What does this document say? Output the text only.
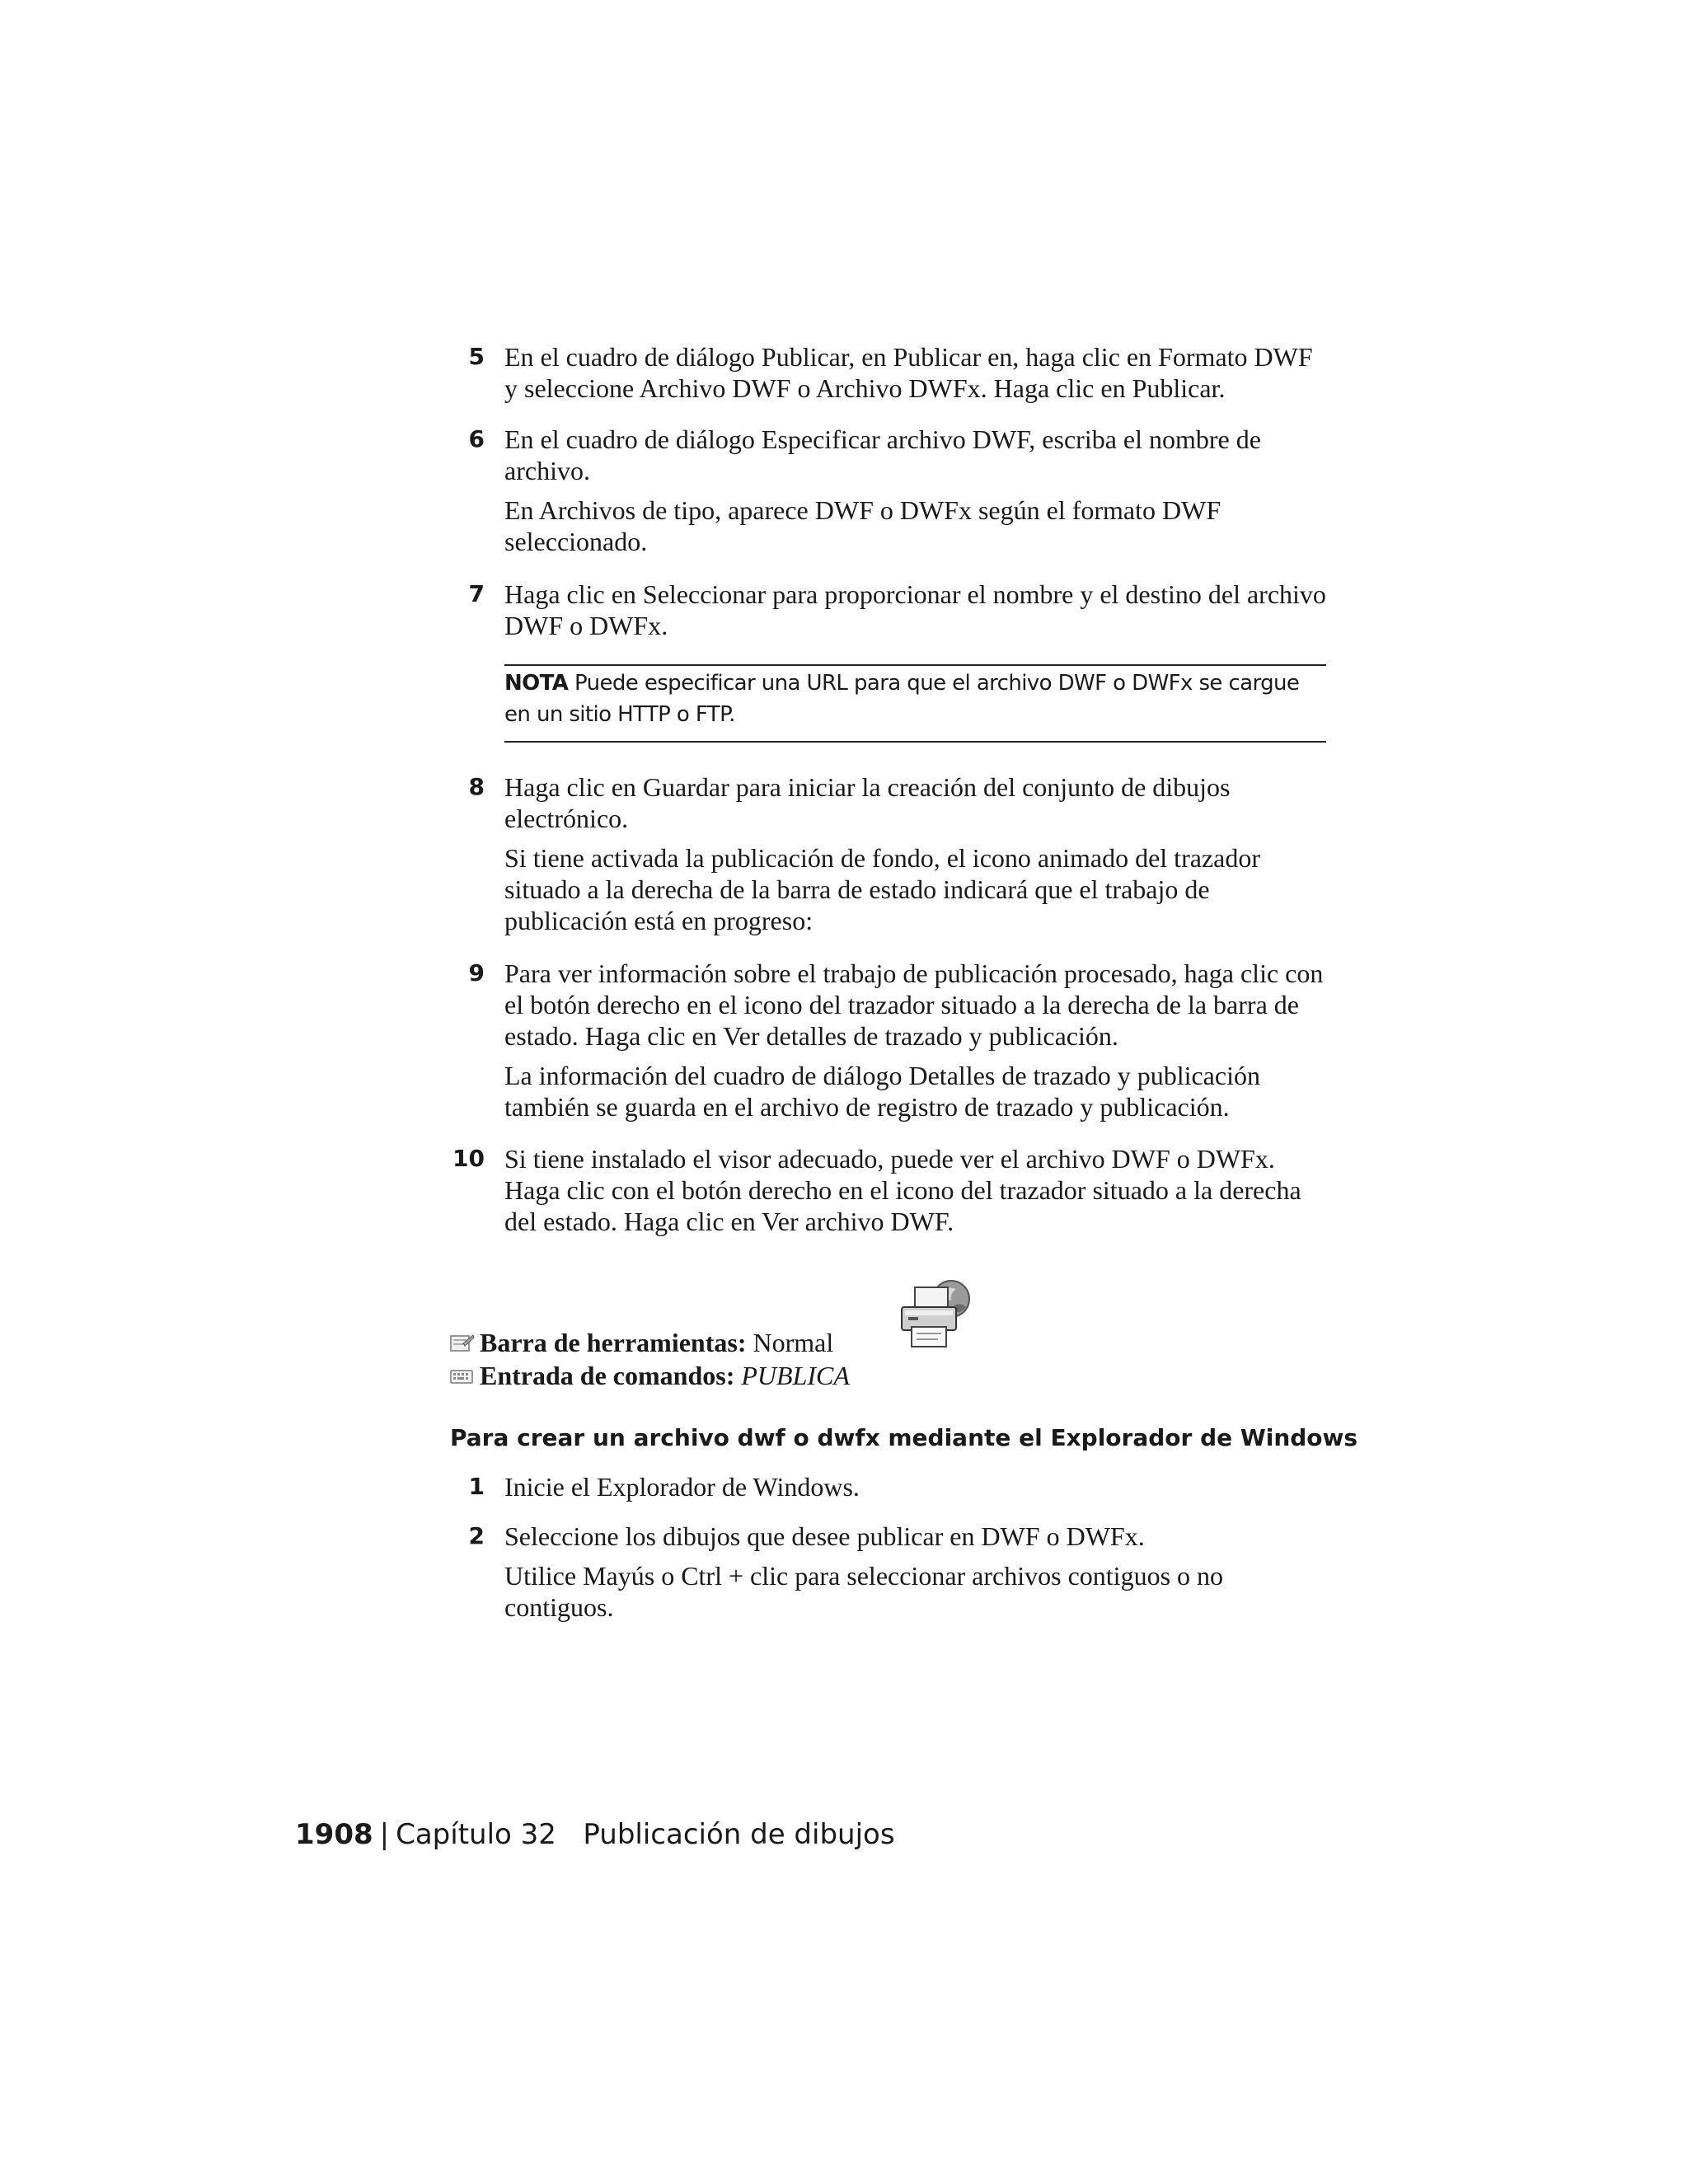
5 En el cuadro de diálogo Publicar, en Publicar en, haga clic en Formato DWF y seleccione Archivo DWF o Archivo DWFx. Haga clic en Publicar.

6 En el cuadro de diálogo Especificar archivo DWF, escriba el nombre de archivo.

En Archivos de tipo, aparece DWF o DWFx según el formato DWF seleccionado.

7 Haga clic en Seleccionar para proporcionar el nombre y el destino del archivo DWF o DWFx.

NOTA Puede especificar una URL para que el archivo DWF o DWFx se cargue en un sitio HTTP o FTP.
8 Haga clic en Guardar para iniciar la creación del conjunto de dibujos electrónico.

Si tiene activada la publicación de fondo, el icono animado del trazador situado a la derecha de la barra de estado indicará que el trabajo de publicación está en progreso:

9 Para ver información sobre el trabajo de publicación procesado, haga clic con el botón derecho en el icono del trazador situado a la derecha de la barra de estado. Haga clic en Ver detalles de trazado y publicación.

La información del cuadro de diálogo Detalles de trazado y publicación también se guarda en el archivo de registro de trazado y publicación.

10 Si tiene instalado el visor adecuado, puede ver el archivo DWF o DWFx. Haga clic con el botón derecho en el icono del trazador situado a la derecha del estado. Haga clic en Ver archivo DWF.

Barra de herramientas: Normal
Entrada de comandos: PUBLICA
Para crear un archivo dwf o dwfx mediante el Explorador de Windows
1 Inicie el Explorador de Windows.

2 Seleccione los dibujos que desee publicar en DWF o DWFx.

Utilice Mayús o Ctrl + clic para seleccionar archivos contiguos o no contiguos.

1908 | Capítulo 32 Publicación de dibujos
